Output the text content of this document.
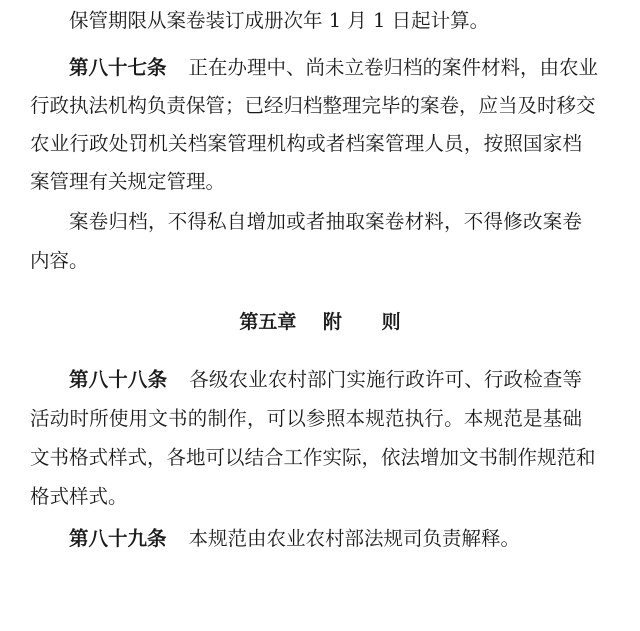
保管期限从案卷装订成册次年 1 月 1 日起计算。
第八十七条 正在办理中、尚未立卷归档的案件材料，由农业
行政执法机构负责保管；已经归档整理完毕的案卷，应当及时移交
农业行政处罚机关档案管理机构或者档案管理人员，按照国家档
案管理有关规定管理。
案卷归档，不得私自增加或者抽取案卷材料，不得修改案卷
内容。
第五章 附 则
第八十八条 各级农业农村部门实施行政许可、行政检查等
活动时所使用文书的制作，可以参照本规范执行。本规范是基础
文书格式样式，各地可以结合工作实际，依法增加文书制作规范和
格式样式。
第八十九条 本规范由农业农村部法规司负责解释。
